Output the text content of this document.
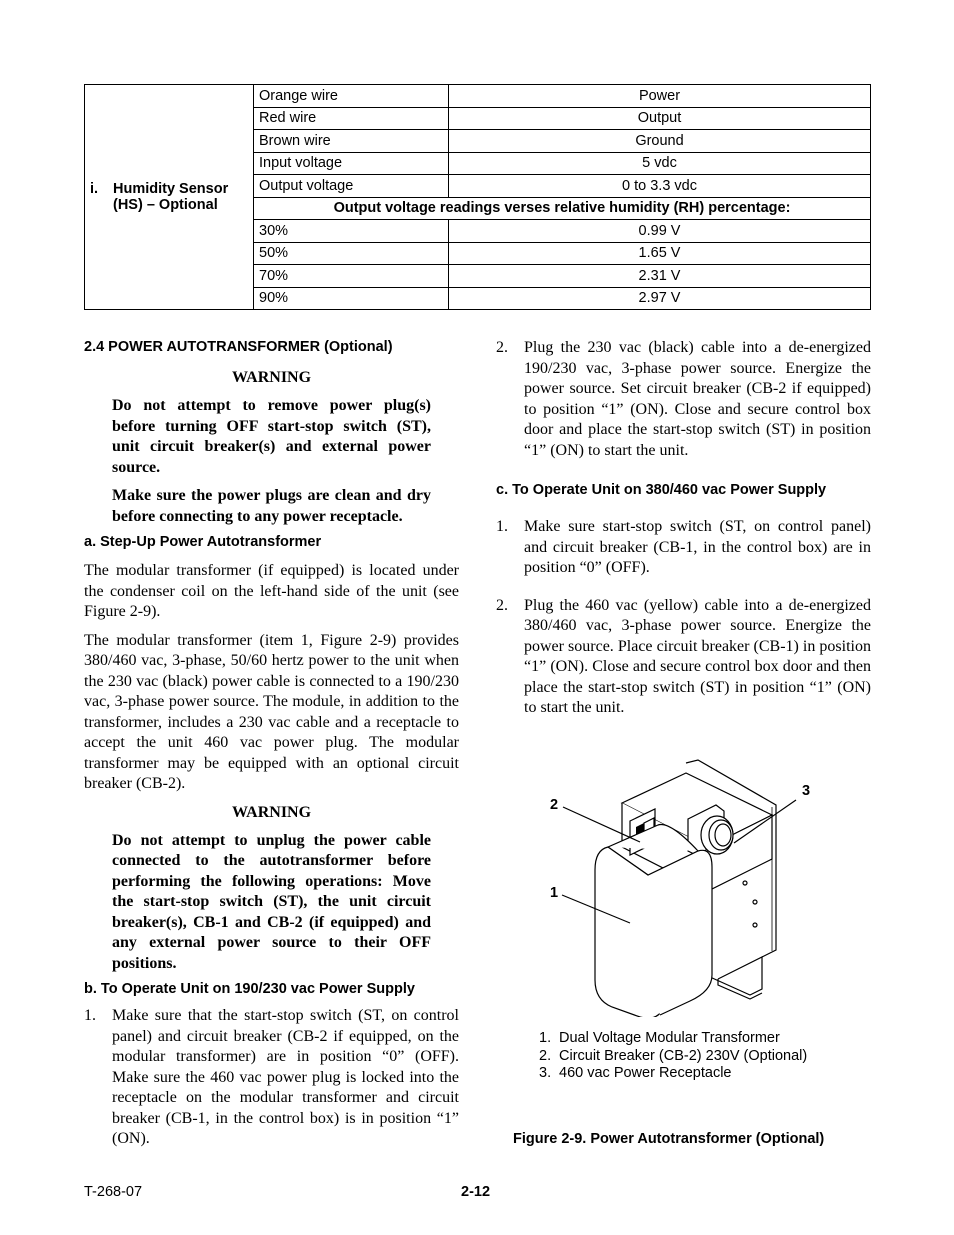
i. Humidity Sensor
(HS) – Optional	Orange wire	Power
	Red wire	Output
	Brown wire	Ground
	Input voltage	5 vdc
	Output voltage	0 to 3.3 vdc
	Output voltage readings verses relative humidity (RH) percentage:	
	30%	0.99 V
	50%	1.65 V
	70%	2.31 V
	90%	2.97 V
2.4 POWER AUTOTRANSFORMER (Optional)

WARNING

Do not attempt to remove power plug(s) before turning OFF start-stop switch (ST), unit circuit breaker(s) and external power source.

Make sure the power plugs are clean and dry before connecting to any power receptacle.

a. Step-Up Power Autotransformer

The modular transformer (if equipped) is located under the condenser coil on the left-hand side of the unit (see Figure 2-9).

The modular transformer (item 1, Figure 2-9) provides 380/460 vac, 3-phase, 50/60 hertz power to the unit when the 230 vac (black) power cable is connected to a 190/230 vac, 3-phase power source. The module, in addition to the transformer, includes a 230 vac cable and a receptacle to accept the unit 460 vac power plug. The modular transformer may be equipped with an optional circuit breaker (CB-2).

WARNING

Do not attempt to unplug the power cable connected to the autotransformer before performing the following operations: Move the start-stop switch (ST), the unit circuit breaker(s), CB-1 and CB-2 (if equipped) and any external power source to their OFF positions.

b. To Operate Unit on 190/230 vac Power Supply
1.	Make sure that the start-stop switch (ST, on control panel) and circuit breaker (CB-2 if equipped, on the modular transformer) are in position “0” (OFF). Make sure the 460 vac power plug is locked into the receptacle on the modular transformer and circuit breaker (CB-1, in the control box) is in position “1” (ON).
2.	Plug the 230 vac (black) cable into a de-energized 190/230 vac, 3-phase power source. Energize the power source. Set circuit breaker (CB-2 if equipped) to position “1” (ON). Close and secure control box door and place the start-stop switch (ST) in position “1” (ON) to start the unit.
c. To Operate Unit on 380/460 vac Power Supply
1.	Make sure start-stop switch (ST, on control panel) and circuit breaker (CB-1, in the control box) are in position “0” (OFF).
2.	Plug the 460 vac (yellow) cable into a de-energized 380/460 vac, 3-phase power source. Energize the power source. Place circuit breaker (CB-1) in position “1” (ON). Close and secure control box door and then place the start-stop switch (ST) in position “1” (ON) to start the unit.
2
1
3
1. Dual Voltage Modular Transformer
2. Circuit Breaker (CB-2) 230V (Optional)
3. 460 vac Power Receptacle
Figure 2-9. Power Autotransformer (Optional)
T-268-07	2-12
